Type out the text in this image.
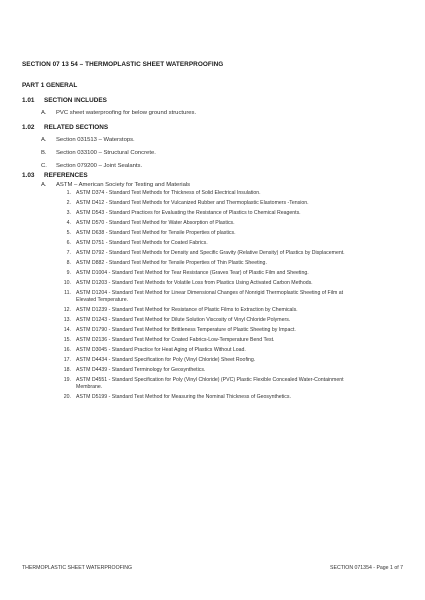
SECTION 07 13 54 – THERMOPLASTIC SHEET WATERPROOFING
PART 1 GENERAL
1.01	SECTION INCLUDES
A.	PVC sheet waterproofing for below ground structures.
1.02	RELATED SECTIONS
A.	Section 031513 – Waterstops.
B.	Section 033100 – Structural Concrete.
C.	Section 079200 – Joint Sealants.
1.03	REFERENCES
A.	ASTM – American Society for Testing and Materials
1. ASTM D374 - Standard Test Methods for Thickness of Solid Electrical Insulation.
2. ASTM D412 - Standard Test Methods for Vulcanized Rubber and Thermoplastic Elastomers -Tension.
3. ASTM D543 - Standard Practices for Evaluating the Resistance of Plastics to Chemical Reagents.
4. ASTM D570 - Standard Test Method for Water Absorption of Plastics.
5. ASTM D638 - Standard Test Method for Tensile Properties of plastics.
6. ASTM D751 - Standard Test Methods for Coated Fabrics.
7. ASTM D792 - Standard Test Methods for Density and Specific Gravity (Relative Density) of Plastics by Displacement.
8. ASTM D882 - Standard Test Method for Tensile Properties of Thin Plastic Sheeting.
9. ASTM D1004 - Standard Test Method for Tear Resistance (Graves Tear) of Plastic Film and Sheeting.
10. ASTM D1203 - Standard Test Methods for Volatile Loss from Plastics Using Activated Carbon Methods.
11. ASTM D1204 - Standard Test Method for Linear Dimensional Changes of Nonrigid Thermoplastic Sheeting of Film at Elevated Temperature.
12. ASTM D1239 - Standard Test Method for Resistance of Plastic Films to Extraction by Chemicals.
13. ASTM D1243 - Standard Test Method for Dilute Solution Viscosity of Vinyl Chloride Polymers.
14. ASTM D1790 - Standard Test Method for Brittleness Temperature of Plastic Sheeting by Impact.
15. ASTM D2136 - Standard Test Method for Coated Fabrics-Low-Temperature Bend Test.
16. ASTM D3045 - Standard Practice for Heat Aging of Plastics Without Load.
17. ASTM D4434 - Standard Specification for Poly (Vinyl Chloride) Sheet Roofing.
18. ASTM D4439 - Standard Terminology for Geosynthetics.
19. ASTM D4551 - Standard Specification for Poly (Vinyl Chloride) (PVC) Plastic Flexible Concealed Water-Containment Membrane.
20. ASTM D5199 - Standard Test Method for Measuring the Nominal Thickness of Geosynthetics.
THERMOPLASTIC SHEET WATERPROOFING	SECTION 071354 - Page 1 of 7
